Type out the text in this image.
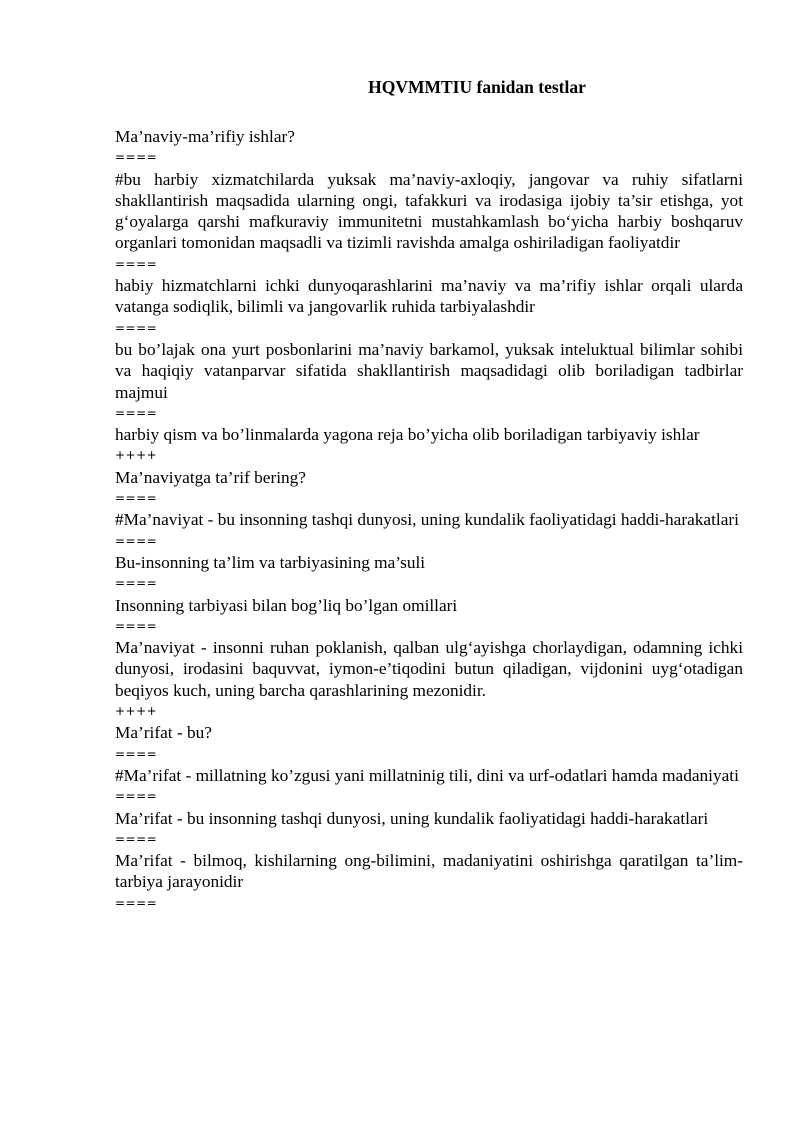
HQVMMTIU fanidan testlar

Ma’naviy-ma’rifiy ishlar?

====

#bu harbiy xizmatchilarda yuksak ma’naviy-axloqiy, jangovar va ruhiy sifatlarni shakllantirish maqsadida ularning ongi, tafakkuri va irodasiga ijobiy ta’sir etishga, yot g‘oyalarga qarshi mafkuraviy immunitetni mustahkamlash bo‘yicha harbiy boshqaruv organlari tomonidan maqsadli va tizimli ravishda amalga oshiriladigan faoliyatdir

====

habiy hizmatchlarni ichki dunyoqarashlarini ma’naviy va ma’rifiy ishlar orqali ularda vatanga sodiqlik, bilimli va jangovarlik ruhida tarbiyalashdir

====

bu bo’lajak ona yurt posbonlarini ma’naviy barkamol, yuksak inteluktual bilimlar sohibi va haqiqiy vatanparvar sifatida shakllantirish maqsadidagi olib boriladigan tadbirlar majmui

====

harbiy qism va bo’linmalarda yagona reja bo’yicha olib boriladigan tarbiyaviy ishlar

++++

Ma’naviyatga ta’rif bering?

====

#Ma’naviyat - bu insonning tashqi dunyosi, uning kundalik faoliyatidagi haddi-harakatlari

====

Bu-insonning ta’lim va tarbiyasining ma’suli

====

Insonning tarbiyasi bilan bog’liq bo’lgan omillari

====

Ma’naviyat - insonni ruhan poklanish, qalban ulg‘ayishga chorlaydigan, odamning ichki dunyosi, irodasini baquvvat, iymon-e’tiqodini butun qiladigan, vijdonini uyg‘otadigan beqiyos kuch, uning barcha qarashlarining mezonidir.

++++

Ma’rifat - bu?

====

#Ma’rifat - millatning ko’zgusi yani millatninig tili, dini va urf-odatlari hamda madaniyati

====

Ma’rifat - bu insonning tashqi dunyosi, uning kundalik faoliyatidagi haddi-harakatlari

====

Ma’rifat - bilmoq, kishilarning ong-bilimini, madaniyatini oshirishga qaratilgan ta’lim-tarbiya jarayonidir

====
